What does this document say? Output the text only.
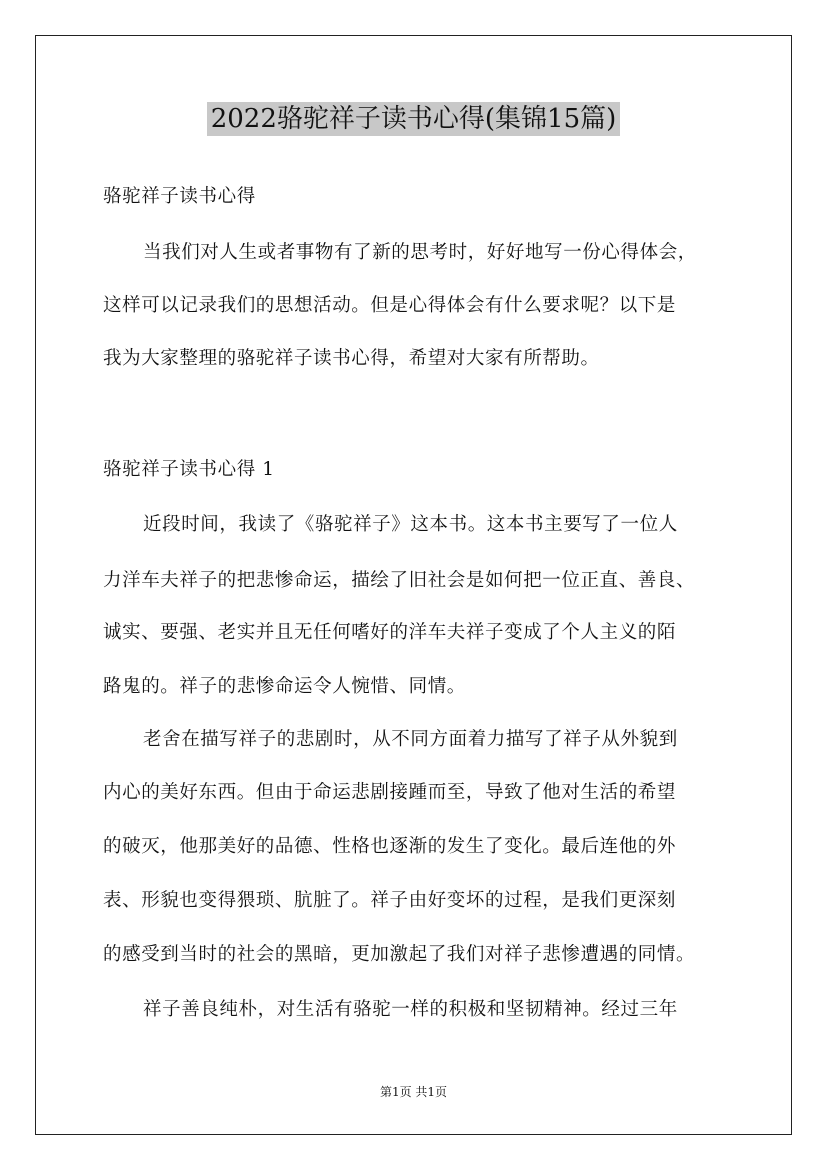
2022骆驼祥子读书心得(集锦15篇)
骆驼祥子读书心得
当我们对人生或者事物有了新的思考时，好好地写一份心得体会，
这样可以记录我们的思想活动。但是心得体会有什么要求呢？以下是
我为大家整理的骆驼祥子读书心得，希望对大家有所帮助。
骆驼祥子读书心得 1
近段时间，我读了《骆驼祥子》这本书。这本书主要写了一位人
力洋车夫祥子的把悲惨命运，描绘了旧社会是如何把一位正直、善良、
诚实、要强、老实并且无任何嗜好的洋车夫祥子变成了个人主义的陌
路鬼的。祥子的悲惨命运令人惋惜、同情。
老舍在描写祥子的悲剧时，从不同方面着力描写了祥子从外貌到
内心的美好东西。但由于命运悲剧接踵而至，导致了他对生活的希望
的破灭，他那美好的品德、性格也逐渐的发生了变化。最后连他的外
表、形貌也变得猥琐、肮脏了。祥子由好变坏的过程，是我们更深刻
的感受到当时的社会的黑暗，更加激起了我们对祥子悲惨遭遇的同情。
祥子善良纯朴，对生活有骆驼一样的积极和坚韧精神。经过三年
第1页 共1页
